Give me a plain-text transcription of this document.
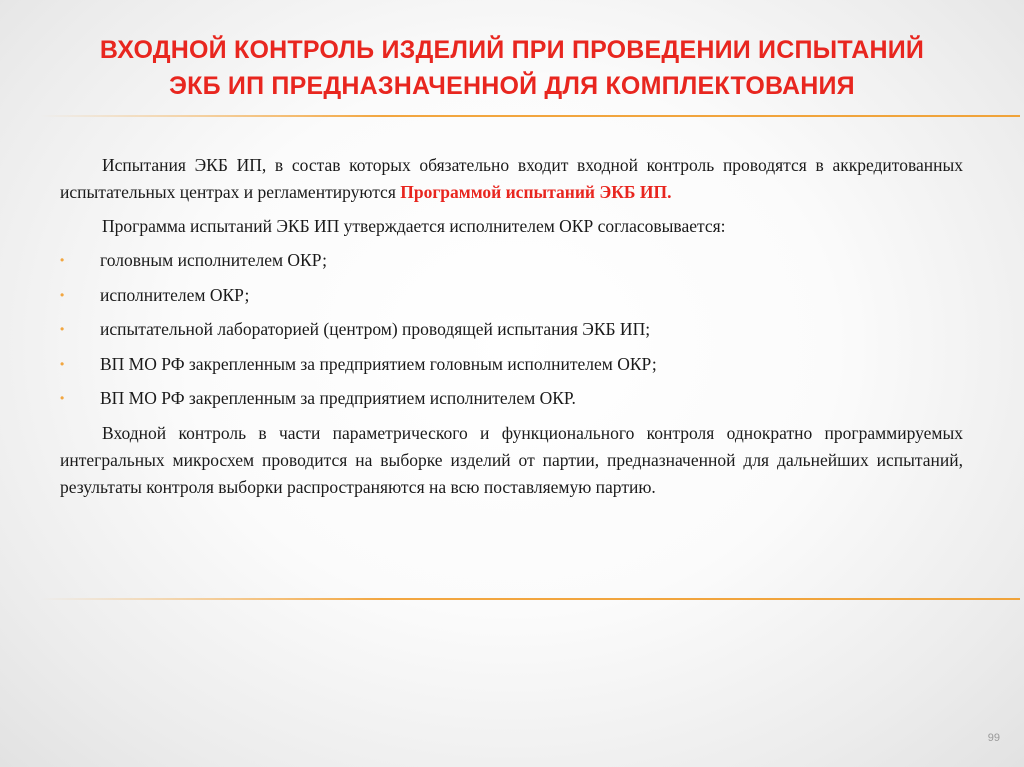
ВХОДНОЙ КОНТРОЛЬ ИЗДЕЛИЙ ПРИ ПРОВЕДЕНИИ ИСПЫТАНИЙ
ЭКБ ИП ПРЕДНАЗНАЧЕННОЙ ДЛЯ КОМПЛЕКТОВАНИЯ

Испытания ЭКБ ИП, в состав которых обязательно входит входной контроль проводятся в аккредитованных испытательных центрах и регламентируются Программой испытаний ЭКБ ИП.

Программа испытаний ЭКБ ИП утверждается исполнителем ОКР согласовывается:

• головным исполнителем ОКР;
• исполнителем ОКР;
• испытательной лабораторией (центром) проводящей испытания ЭКБ ИП;
• ВП МО РФ закрепленным за предприятием головным исполнителем ОКР;
• ВП МО РФ закрепленным за предприятием исполнителем ОКР.

Входной контроль в части параметрического и функционального контроля однократно программируемых интегральных микросхем проводится на выборке изделий от партии, предназначенной для дальнейших испытаний, результаты контроля выборки распространяются на всю поставляемую партию.

99
